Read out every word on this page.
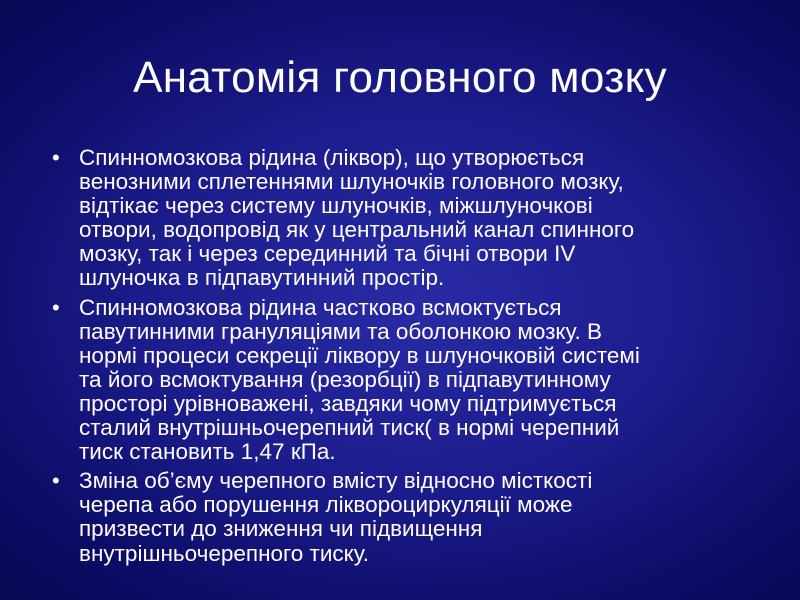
Анатомія головного мозку
• Спинномозкова рідина (ліквор), що утворюється
венозними сплетеннями шлуночків головного мозку,
відтікає через систему шлуночків, міжшлуночкові
отвори, водопровід як у центральний канал спинного
мозку, так і через серединний та бічні отвори IV
шлуночка в підпавутинний простір.
• Спинномозкова рідина частково всмоктується
павутинними грануляціями та оболонкою мозку. В
нормі процеси секреції ліквору в шлуночковій системі
та його всмоктування (резорбції) в підпавутинному
просторі урівноважені, завдяки чому підтримується
сталий внутрішньочерепний тиск( в нормі черепний
тиск становить 1,47 кПа.
• Зміна об’єму черепного вмісту відносно місткості
черепа або порушення ліквороциркуляції може
призвести до зниження чи підвищення
внутрішньочерепного тиску.
